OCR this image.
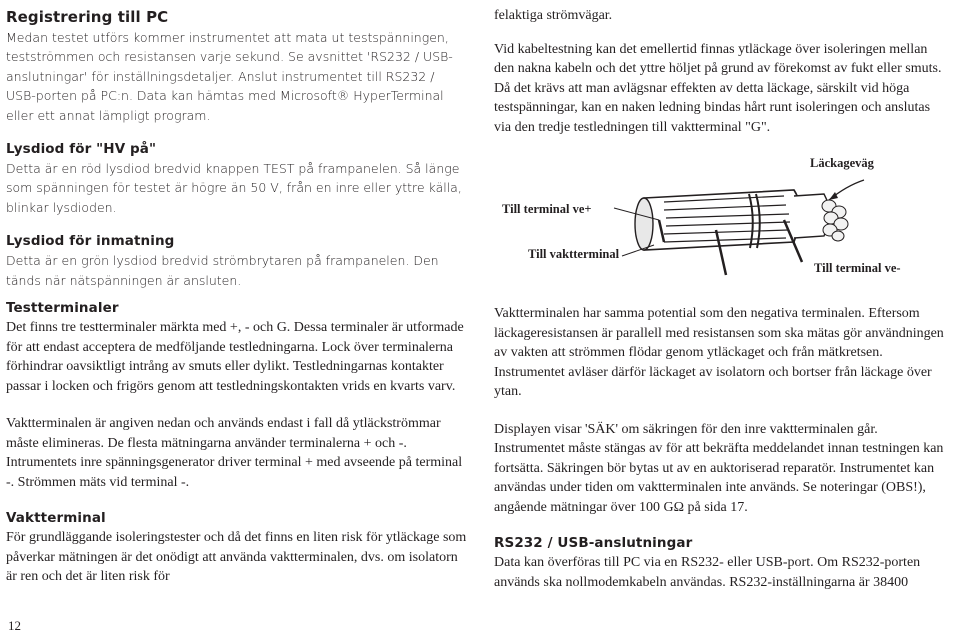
Registrering till PC

Medan testet utförs kommer instrumentet att mata ut testspänningen, testströmmen och resistansen varje sekund. Se avsnittet 'RS232 / USB-anslutningar' för inställningsdetaljer. Anslut instrumentet till RS232 / USB-porten på PC:n. Data kan hämtas med Microsoft® HyperTerminal eller ett annat lämpligt program.

Lysdiod för "HV på"

Detta är en röd lysdiod bredvid knappen TEST på frampanelen. Så länge som spänningen för testet är högre än 50 V, från en inre eller yttre källa, blinkar lysdioden.

Lysdiod för inmatning

Detta är en grön lysdiod bredvid strömbrytaren på frampanelen. Den tänds när nätspänningen är ansluten.

felaktiga strömvägar.

Vid kabeltestning kan det emellertid finnas ytläckage över isoleringen mellan den nakna kabeln och det yttre höljet på grund av förekomst av fukt eller smuts. Då det krävs att man avlägsnar effekten av detta läckage, särskilt vid höga testspänningar, kan en naken ledning bindas hårt runt isoleringen och anslutas via den tredje testledningen till vaktterminal "G".

Läckageväg
Till terminal ve+
Till vaktterminal
Till terminal ve-
Testterminaler

Det finns tre testterminaler märkta med +, - och G. Dessa terminaler är utformade för att endast acceptera de medföljande testledningarna. Lock över terminalerna förhindrar oavsiktligt intrång av smuts eller dylikt. Testledningarnas kontakter passar i locken och frigörs genom att testledningskontakten vrids en kvarts varv.

Vaktterminalen är angiven nedan och används endast i fall då ytläckströmmar måste elimineras. De flesta mätningarna använder terminalerna + och -. Intrumentets inre spänningsgenerator driver terminal + med avseende på terminal -. Strömmen mäts vid terminal -.

Vaktterminal

För grundläggande isoleringstester och då det finns en liten risk för ytläckage som påverkar mätningen är det onödigt att använda vaktterminalen, dvs. om isolatorn är ren och det är liten risk för

Vaktterminalen har samma potential som den negativa terminalen. Eftersom läckageresistansen är parallell med resistansen som ska mätas gör användningen av vakten att strömmen flödar genom ytläckaget och från mätkretsen. Instrumentet avläser därför läckaget av isolatorn och bortser från läckage över ytan.

Displayen visar 'SÄK' om säkringen för den inre vaktterminalen går. Instrumentet måste stängas av för att bekräfta meddelandet innan testningen kan fortsätta. Säkringen bör bytas ut av en auktoriserad reparatör. Instrumentet kan användas under tiden om vaktterminalen inte används. Se noteringar (OBS!), angående mätningar över 100 GΩ på sida 17.

RS232 / USB-anslutningar

Data kan överföras till PC via en RS232- eller USB-port. Om RS232-porten används ska nollmodemkabeln användas. RS232-inställningarna är 38400

12
